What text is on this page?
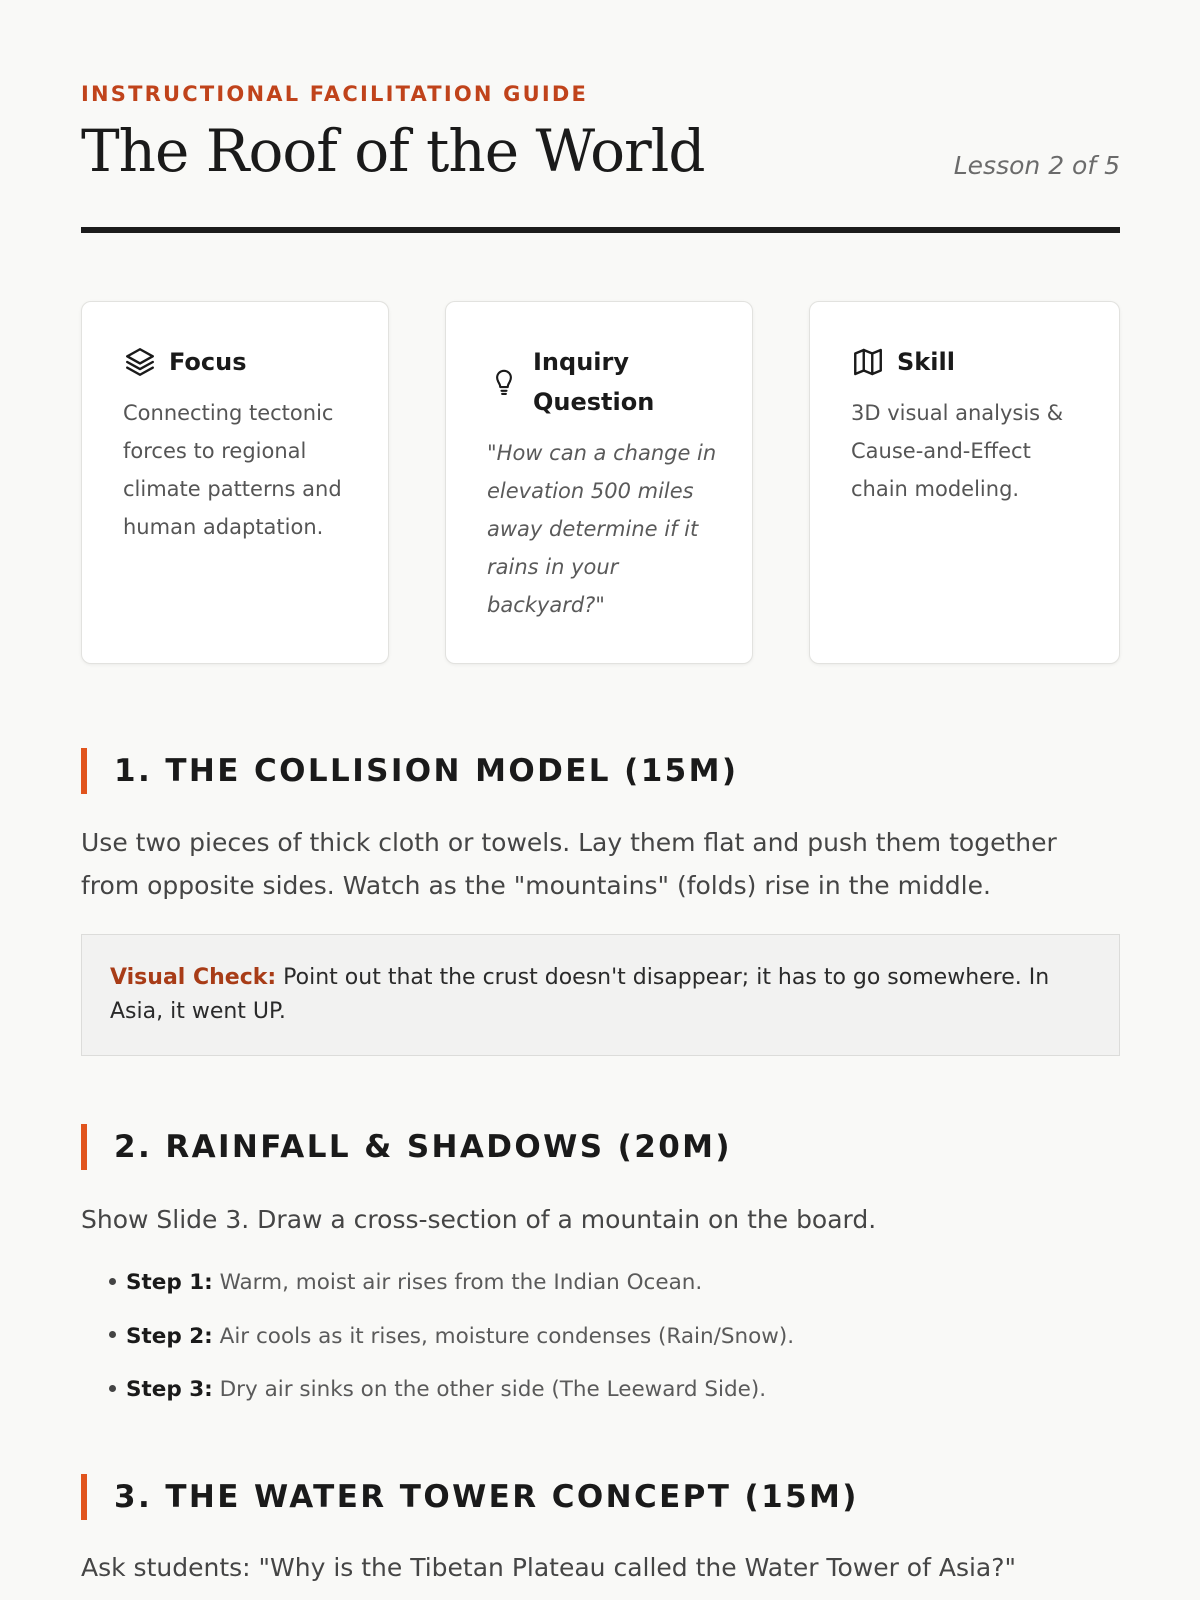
INSTRUCTIONAL FACILITATION GUIDE
The Roof of the World	Lesson 2 of 5
Focus
Connecting tectonic forces to regional climate patterns and human adaptation.
Inquiry Question
"How can a change in elevation 500 miles away determine if it rains in your backyard?"
Skill
3D visual analysis & Cause-and-Effect chain modeling.
1. THE COLLISION MODEL (15M)
Use two pieces of thick cloth or towels. Lay them flat and push them together from opposite sides. Watch as the "mountains" (folds) rise in the middle.
Visual Check: Point out that the crust doesn't disappear; it has to go somewhere. In Asia, it went UP.
2. RAINFALL & SHADOWS (20M)
Show Slide 3. Draw a cross-section of a mountain on the board.
Step 1: Warm, moist air rises from the Indian Ocean.
Step 2: Air cools as it rises, moisture condenses (Rain/Snow).
Step 3: Dry air sinks on the other side (The Leeward Side).
3. THE WATER TOWER CONCEPT (15M)
Ask students: "Why is the Tibetan Plateau called the Water Tower of Asia?"
